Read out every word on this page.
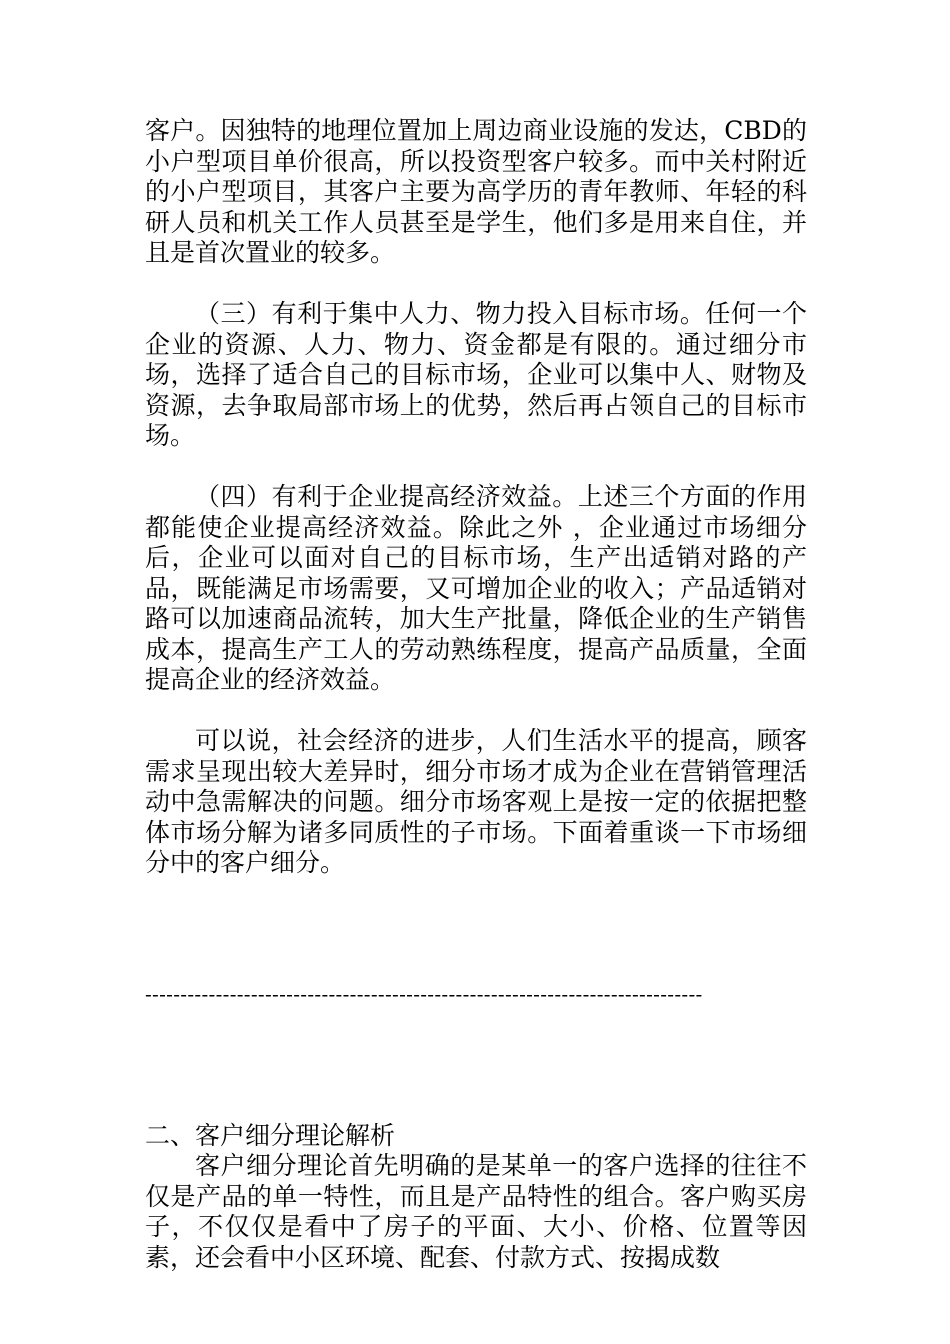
客户。因独特的地理位置加上周边商业设施的发达，CBD的小户型项目单价很高，所以投资型客户较多。而中关村附近的小户型项目，其客户主要为高学历的青年教师、年轻的科研人员和机关工作人员甚至是学生，他们多是用来自住，并且是首次置业的较多。

（三）有利于集中人力、物力投入目标市场。任何一个企业的资源、人力、物力、资金都是有限的。通过细分市场，选择了适合自己的目标市场，企业可以集中人、财物及资源，去争取局部市场上的优势，然后再占领自己的目标市场。

（四）有利于企业提高经济效益。上述三个方面的作用都能使企业提高经济效益。除此之外 ，企业通过市场细分后，企业可以面对自己的目标市场，生产出适销对路的产品，既能满足市场需要，又可增加企业的收入；产品适销对路可以加速商品流转，加大生产批量，降低企业的生产销售成本，提高生产工人的劳动熟练程度，提高产品质量，全面提高企业的经济效益。

可以说，社会经济的进步，人们生活水平的提高，顾客需求呈现出较大差异时，细分市场才成为企业在营销管理活动中急需解决的问题。细分市场客观上是按一定的依据把整体市场分解为诸多同质性的子市场。下面着重谈一下市场细分中的客户细分。

-------------------------------------------------------------------------------

二、客户细分理论解析

客户细分理论首先明确的是某单一的客户选择的往往不仅是产品的单一特性，而且是产品特性的组合。客户购买房子，不仅仅是看中了房子的平面、大小、价格、位置等因素，还会看中小区环境、配套、付款方式、按揭成数
